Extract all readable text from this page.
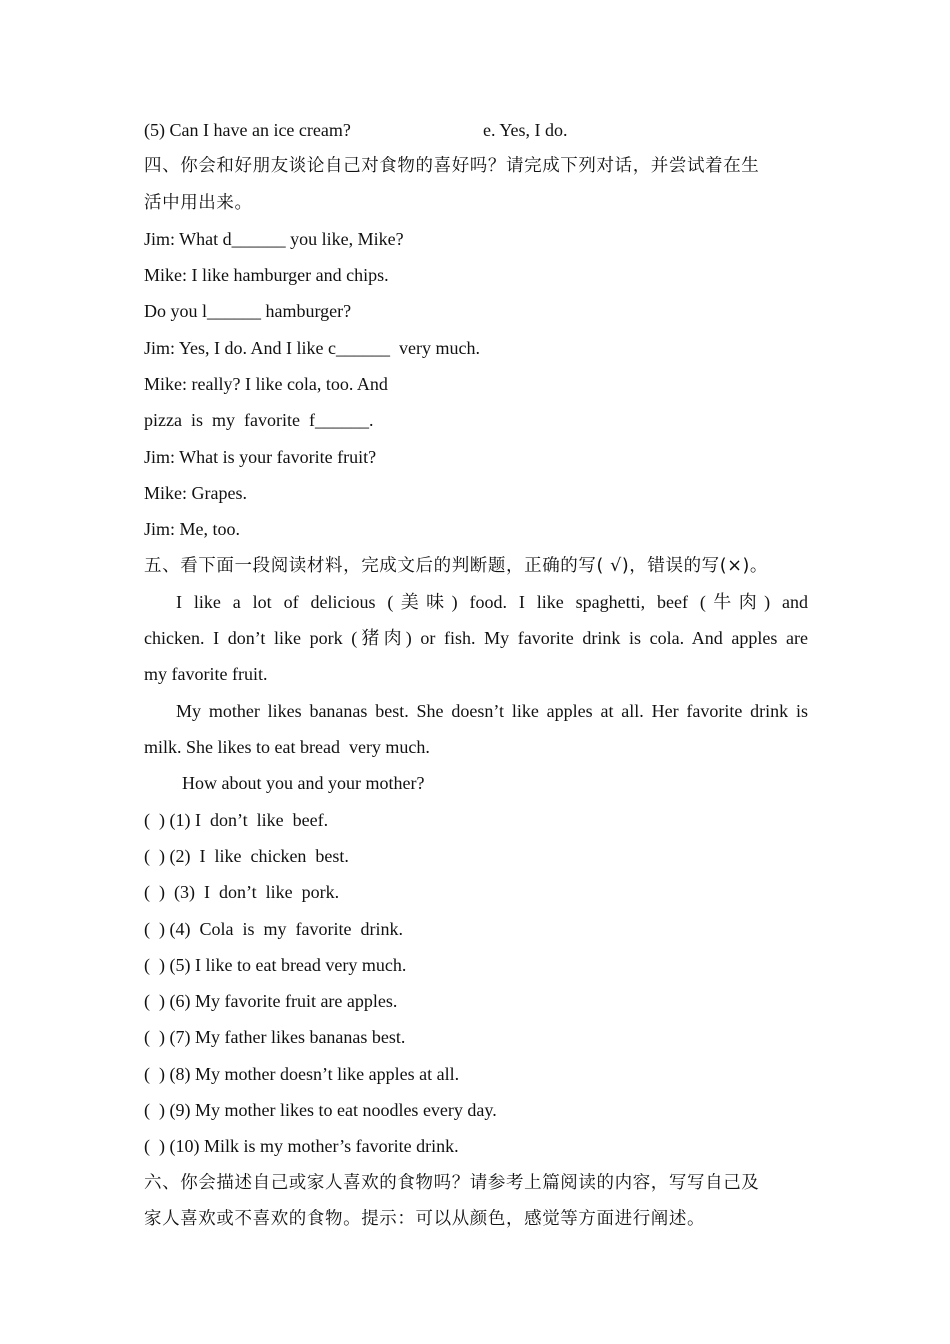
(5) Can I have an ice cream?	e. Yes, I do.
四、你会和好朋友谈论自己对食物的喜好吗？请完成下列对话，并尝试着在生
活中用出来。
Jim: What d______ you like, Mike?
Mike: I like hamburger and chips.
Do you l______ hamburger?
Jim: Yes, I do. And I like c______  very much.
Mike: really? I like cola, too. And
pizza  is  my  favorite  f______.
Jim: What is your favorite fruit?
Mike: Grapes.
Jim: Me, too.
五、看下面一段阅读材料，完成文后的判断题，正确的写( √)，错误的写(×)。
I like a lot of delicious (美味) food. I like spaghetti, beef (牛肉) and
chicken. I don’t like pork (猪肉) or fish. My favorite drink is cola. And apples are
my favorite fruit.
My mother likes bananas best. She doesn’t like apples at all. Her favorite drink is
milk. She likes to eat bread  very much.
How about you and your mother?
(  ) (1) I  don’t  like  beef.
(  ) (2)  I  like  chicken  best.
(  )  (3)  I  don’t  like  pork.
(  ) (4)  Cola  is  my  favorite  drink.
(  ) (5) I like to eat bread very much.
(  ) (6) My favorite fruit are apples.
(  ) (7) My father likes bananas best.
(  ) (8) My mother doesn’t like apples at all.
(  ) (9) My mother likes to eat noodles every day.
(  ) (10) Milk is my mother’s favorite drink.
六、你会描述自己或家人喜欢的食物吗？请参考上篇阅读的内容，写写自己及
家人喜欢或不喜欢的食物。提示：可以从颜色，感觉等方面进行阐述。
